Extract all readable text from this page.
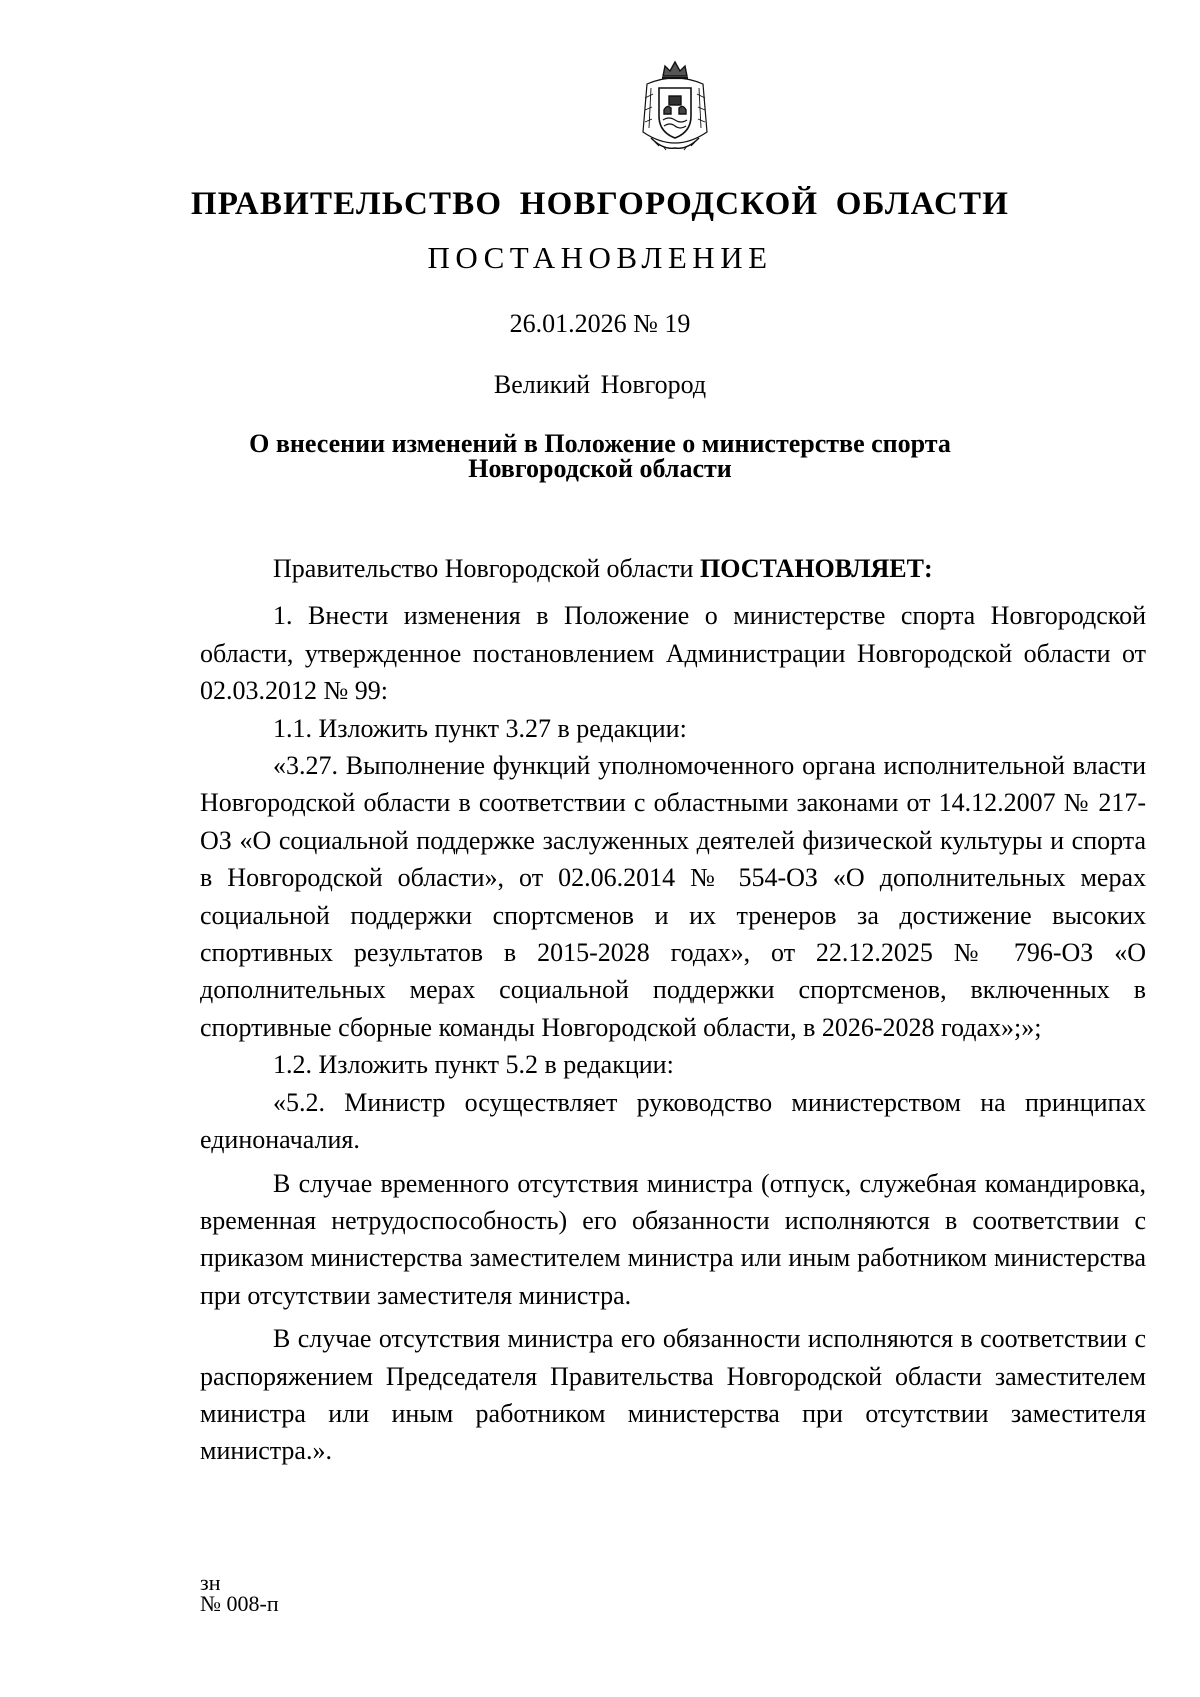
ПРАВИТЕЛЬСТВО НОВГОРОДСКОЙ ОБЛАСТИ
ПОСТАНОВЛЕНИЕ
26.01.2026 № 19
Великий Новгород
О внесении изменений в Положение о министерстве спорта
Новгородской области

Правительство Новгородской области ПОСТАНОВЛЯЕТ:

1. Внести изменения в Положение о министерстве спорта Новгородской области, утвержденное постановлением Администрации Новгородской области от 02.03.2012 № 99:

1.1. Изложить пункт 3.27 в редакции:

«3.27. Выполнение функций уполномоченного органа исполнительной власти Новгородской области в соответствии с областными законами от 14.12.2007 № 217-ОЗ «О социальной поддержке заслуженных деятелей физической культуры и спорта в Новгородской области», от 02.06.2014 № 554-ОЗ «О дополнительных мерах социальной поддержки спортсменов и их тренеров за достижение высоких спортивных результатов в 2015-2028 годах», от 22.12.2025 № 796-ОЗ «О дополнительных мерах социальной поддержки спортсменов, включенных в спортивные сборные команды Новгородской области, в 2026-2028 годах»;»;

1.2. Изложить пункт 5.2 в редакции:

«5.2. Министр осуществляет руководство министерством на принципах единоначалия.

В случае временного отсутствия министра (отпуск, служебная командировка, временная нетрудоспособность) его обязанности исполняются в соответствии с приказом министерства заместителем министра или иным работником министерства при отсутствии заместителя министра.

В случае отсутствия министра его обязанности исполняются в соответствии с распоряжением Председателя Правительства Новгородской области заместителем министра или иным работником министерства при отсутствии заместителя министра.».

зн
№ 008-п
